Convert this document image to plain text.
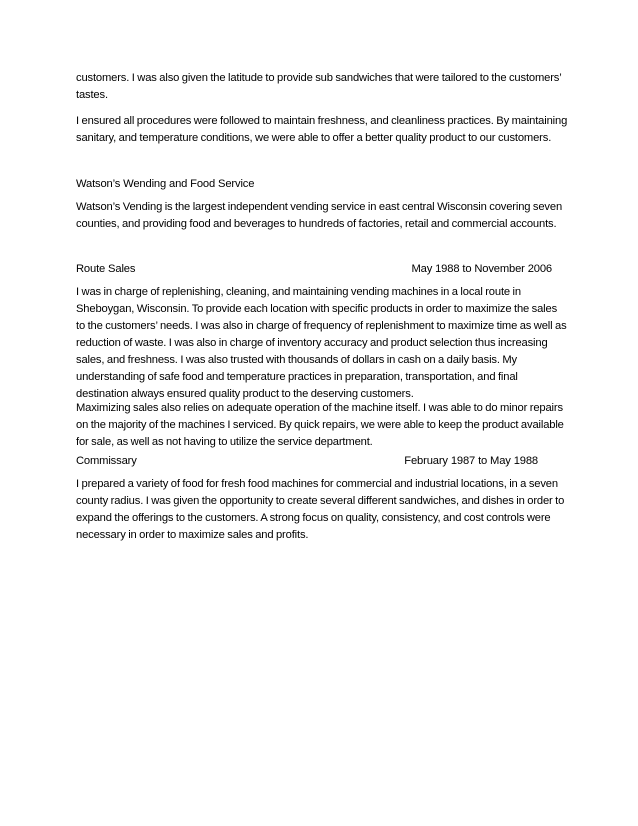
customers. I was also given the latitude to provide sub sandwiches that were tailored to the customers’ tastes.

I ensured all procedures were followed to maintain freshness, and cleanliness practices. By maintaining sanitary, and temperature conditions, we were able to offer a better quality product to our customers.

Watson’s Wending and Food Service

Watson’s Vending is the largest independent vending service in east central Wisconsin covering seven counties, and providing food and beverages to hundreds of factories, retail and commercial accounts.

Route Sales	May 1988 to November 2006

I was in charge of replenishing, cleaning, and maintaining vending machines in a local route in Sheboygan, Wisconsin. To provide each location with specific products in order to maximize the sales to the customers’ needs. I was also in charge of frequency of replenishment to maximize time as well as reduction of waste. I was also in charge of inventory accuracy and product selection thus increasing sales, and freshness. I was also trusted with thousands of dollars in cash on a daily basis. My understanding of safe food and temperature practices in preparation, transportation, and final destination always ensured quality product to the deserving customers.

Maximizing sales also relies on adequate operation of the machine itself. I was able to do minor repairs on the majority of the machines I serviced. By quick repairs, we were able to keep the product available for sale, as well as not having to utilize the service department.

Commissary	February 1987 to May 1988

I prepared a variety of food for fresh food machines for commercial and industrial locations, in a seven county radius. I was given the opportunity to create several different sandwiches, and dishes in order to expand the offerings to the customers. A strong focus on quality, consistency, and cost controls were necessary in order to maximize sales and profits.
